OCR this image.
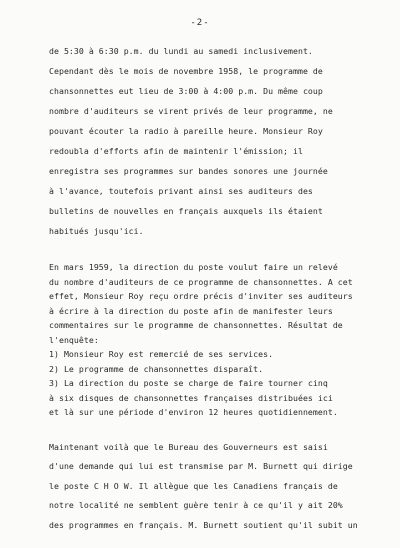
-2-
de 5:30 à 6:30 p.m. du lundi au samedi inclusivement.
Cependant dès le mois de novembre 1958, le programme de
chansonnettes eut lieu de 3:00 à 4:00 p.m. Du même coup
nombre d'auditeurs se virent privés de leur programme, ne
pouvant écouter la radio à pareille heure. Monsieur Roy
redoubla d'efforts afin de maintenir l'émission; il
enregistra ses programmes sur bandes sonores une journée
à l'avance, toutefois privant ainsi ses auditeurs des
bulletins de nouvelles en français auxquels ils étaient
habitués jusqu'ici.
En mars 1959, la direction du poste voulut faire un relevé
du nombre d'auditeurs de ce programme de chansonnettes. A cet
effet, Monsieur Roy reçu ordre précis d'inviter ses auditeurs
à écrire à la direction du poste afin de manifester leurs
commentaires sur le programme de chansonnettes. Résultat de
l'enquête:
1) Monsieur Roy est remercié de ses services.
2) Le programme de chansonnettes disparaît.
3) La direction du poste se charge de faire tourner cinq
à six disques de chansonnettes françaises distribuées ici
et là sur une période d'environ 12 heures quotidiennement.
Maintenant voilà que le Bureau des Gouverneurs est saisi
d'une demande qui lui est transmise par M. Burnett qui dirige
le poste C H O W. Il allègue que les Canadiens français de
notre localité ne semblent guère tenir à ce qu'il y ait 20%
des programmes en français. M. Burnett soutient qu'il subit un
